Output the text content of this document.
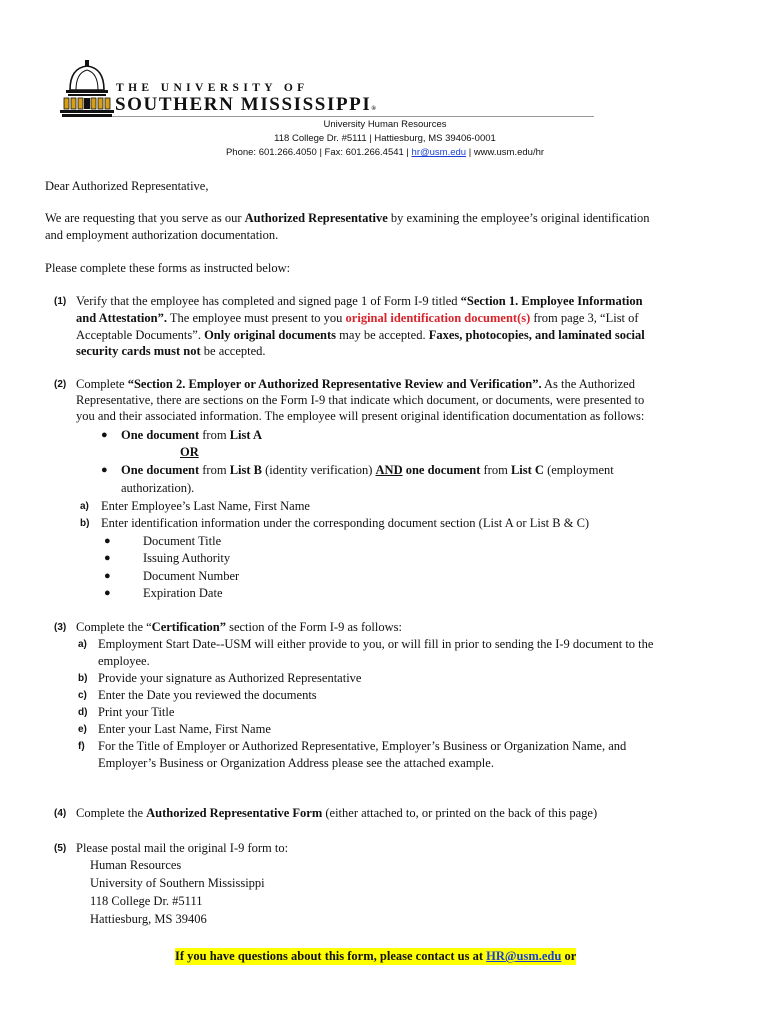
THE UNIVERSITY OF
SOUTHERN MISSISSIPPI®
University Human Resources
118 College Dr. #5111 | Hattiesburg, MS 39406-0001
Phone: 601.266.4050 | Fax: 601.266.4541 | hr@usm.edu | www.usm.edu/hr
Dear Authorized Representative,
We are requesting that you serve as our Authorized Representative by examining the employee’s original identification
and employment authorization documentation.
Please complete these forms as instructed below:
(1) Verify that the employee has completed and signed page 1 of Form I-9 titled “Section 1. Employee Information
and Attestation”. The employee must present to you original identification document(s) from page 3, “List of
Acceptable Documents”. Only original documents may be accepted. Faxes, photocopies, and laminated social
security cards must not be accepted.
(2) Complete “Section 2. Employer or Authorized Representative Review and Verification”. As the Authorized
Representative, there are sections on the Form I-9 that indicate which document, or documents, were presented to
you and their associated information. The employee will present original identification documentation as follows:
● One document from List A
OR
● One document from List B (identity verification) AND one document from List C (employment
authorization).
a) Enter Employee’s Last Name, First Name
b) Enter identification information under the corresponding document section (List A or List B & C)
●	Document Title
●	Issuing Authority
●	Document Number
●	Expiration Date
(3) Complete the “Certification” section of the Form I-9 as follows:
a) Employment Start Date--USM will either provide to you, or will fill in prior to sending the I-9 document to the
employee.
b) Provide your signature as Authorized Representative
c) Enter the Date you reviewed the documents
d) Print your Title
e) Enter your Last Name, First Name
f) For the Title of Employer or Authorized Representative, Employer’s Business or Organization Name, and
Employer’s Business or Organization Address please see the attached example.
(4) Complete the Authorized Representative Form (either attached to, or printed on the back of this page)
(5) Please postal mail the original I-9 form to:
Human Resources
University of Southern Mississippi
118 College Dr. #5111
Hattiesburg, MS 39406
If you have questions about this form, please contact us at HR@usm.edu or
